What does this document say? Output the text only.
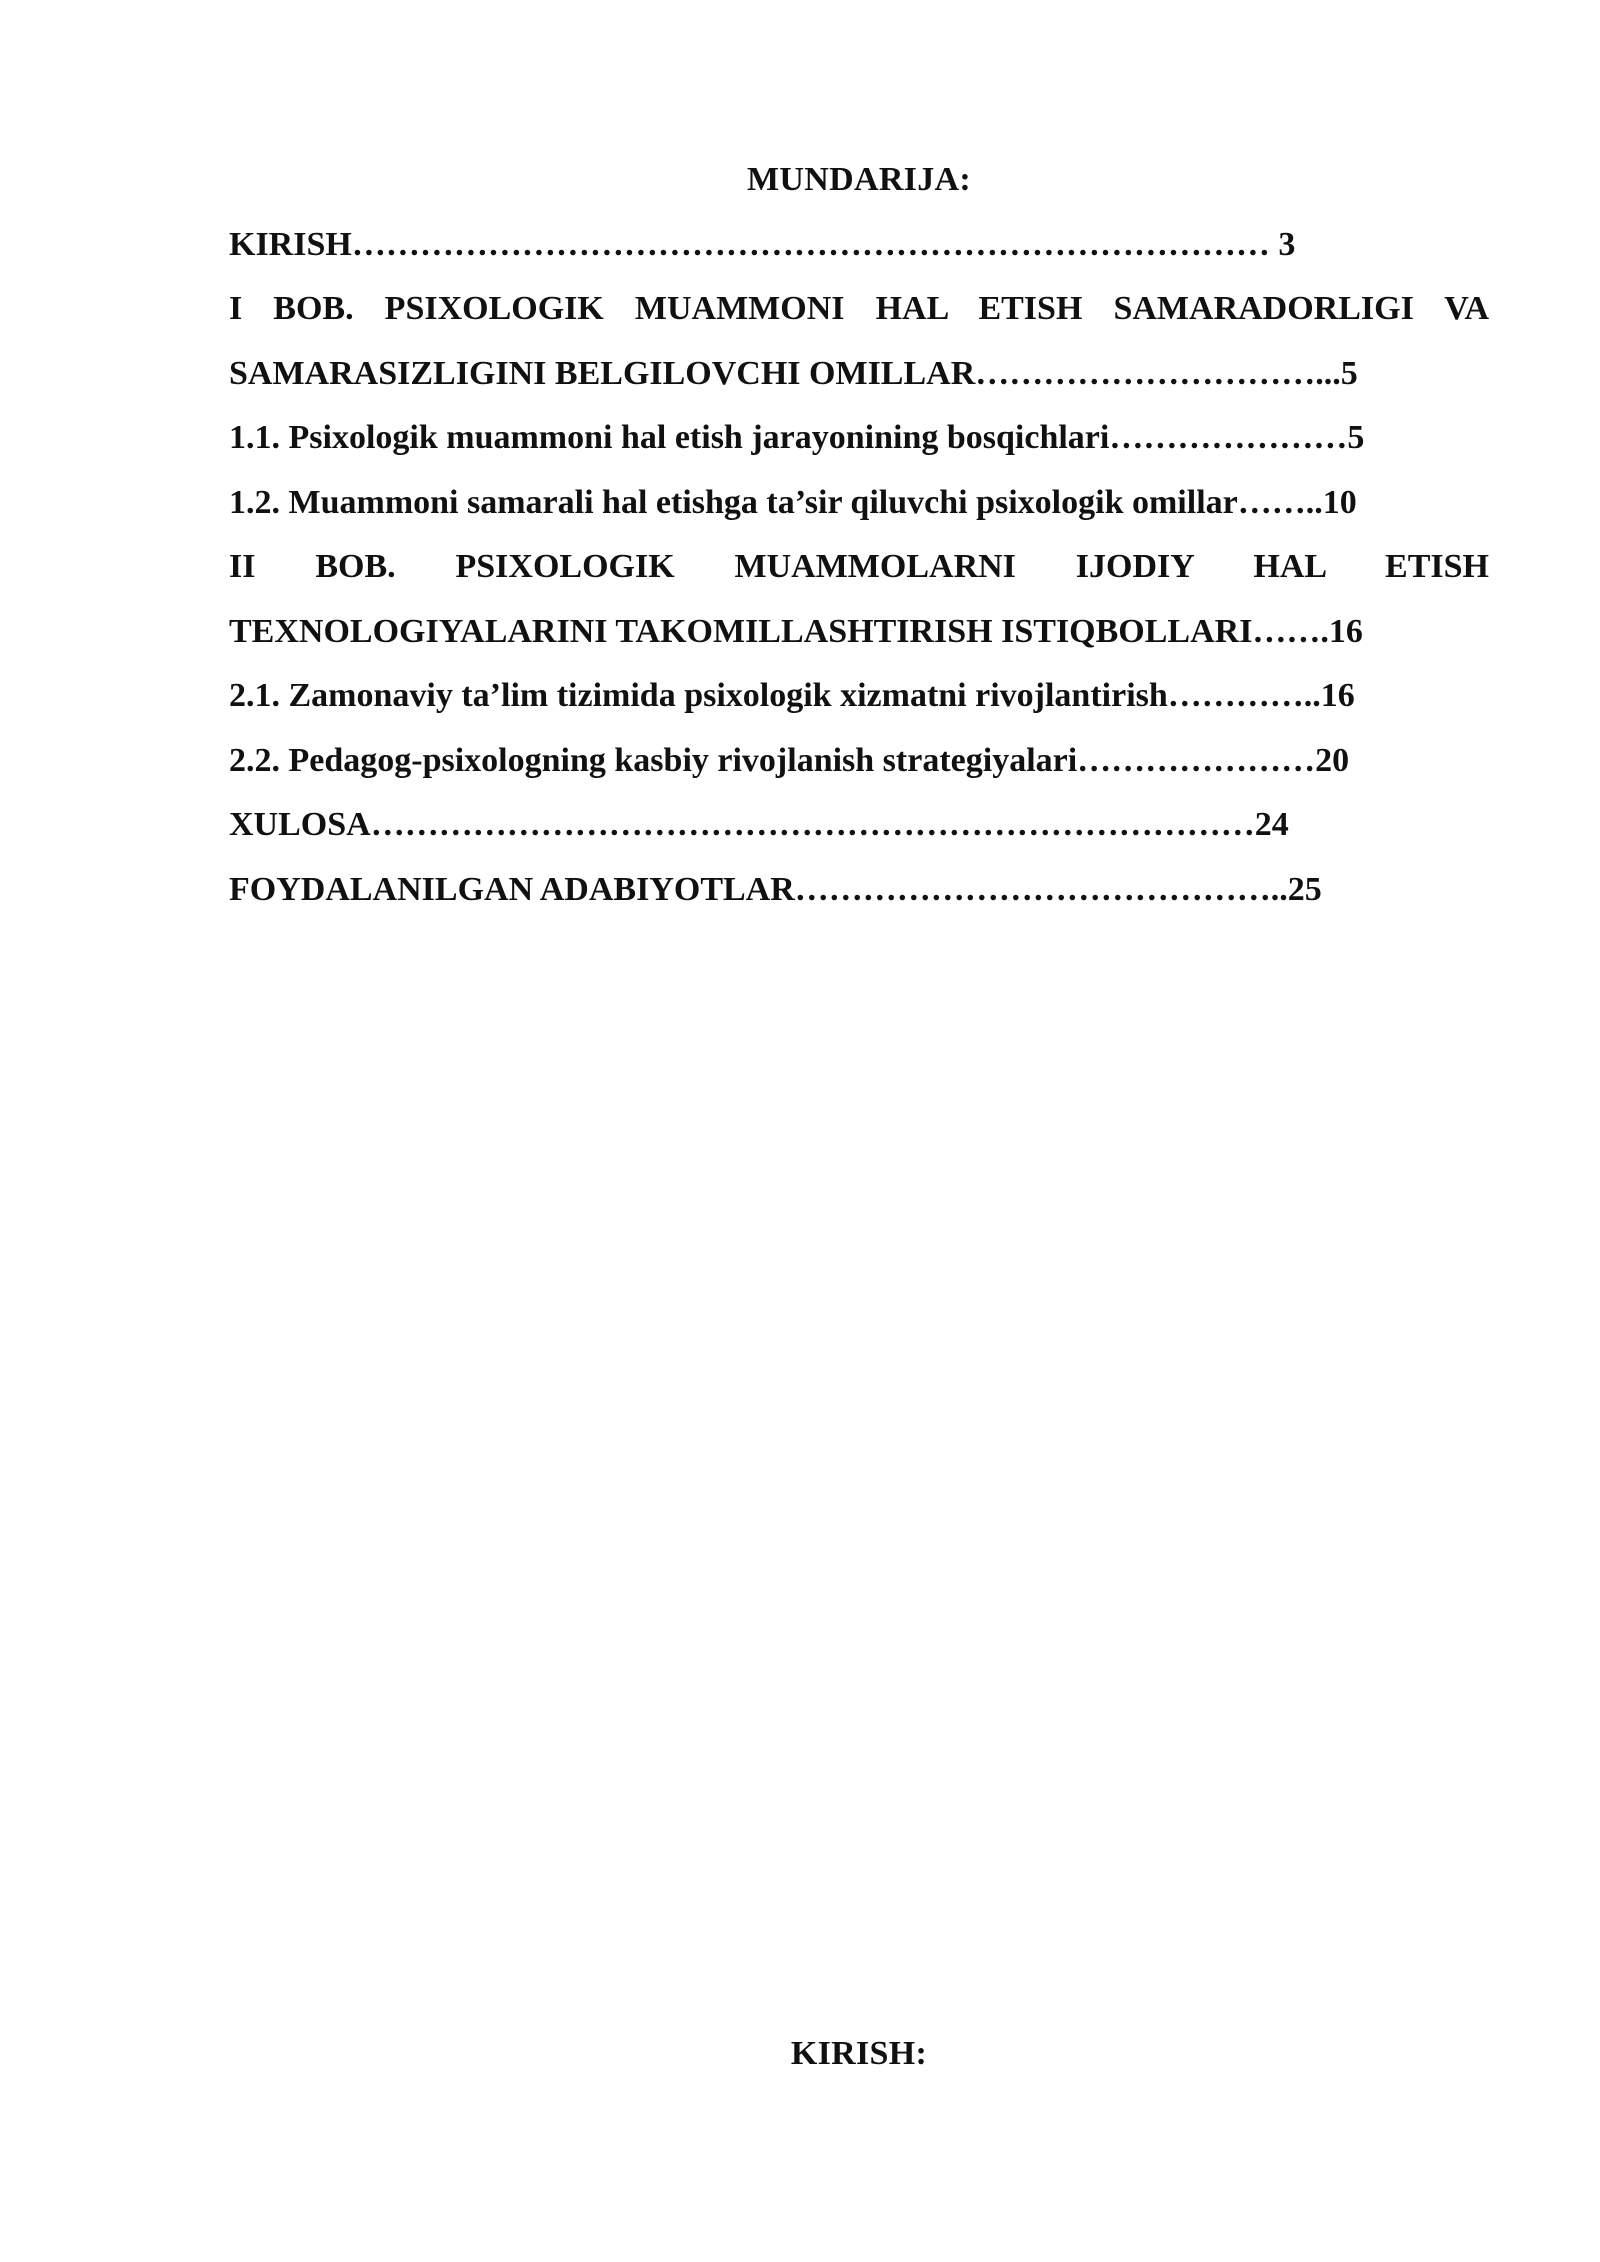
MUNDARIJA:

KIRISH……………………………………………………………………… 3

I BOB. PSIXOLOGIK MUAMMONI HAL ETISH SAMARADORLIGI VA

SAMARASIZLIGINI BELGILOVCHI OMILLAR…………………………...5

1.1. Psixologik muammoni hal etish jarayonining bosqichlari…………………5

1.2. Muammoni samarali hal etishga ta’sir qiluvchi psixologik omillar……..10

II BOB. PSIXOLOGIK MUAMMOLARNI IJODIY HAL ETISH

TEXNOLOGIYALARINI TAKOMILLASHTIRISH ISTIQBOLLARI…….16

2.1. Zamonaviy ta’lim tizimida psixologik xizmatni rivojlantirish…………..16

2.2. Pedagog-psixologning kasbiy rivojlanish strategiyalari…………………20

XULOSA……………………………………………………………………24

FOYDALANILGAN ADABIYOTLAR……………………………………..25

KIRISH:
